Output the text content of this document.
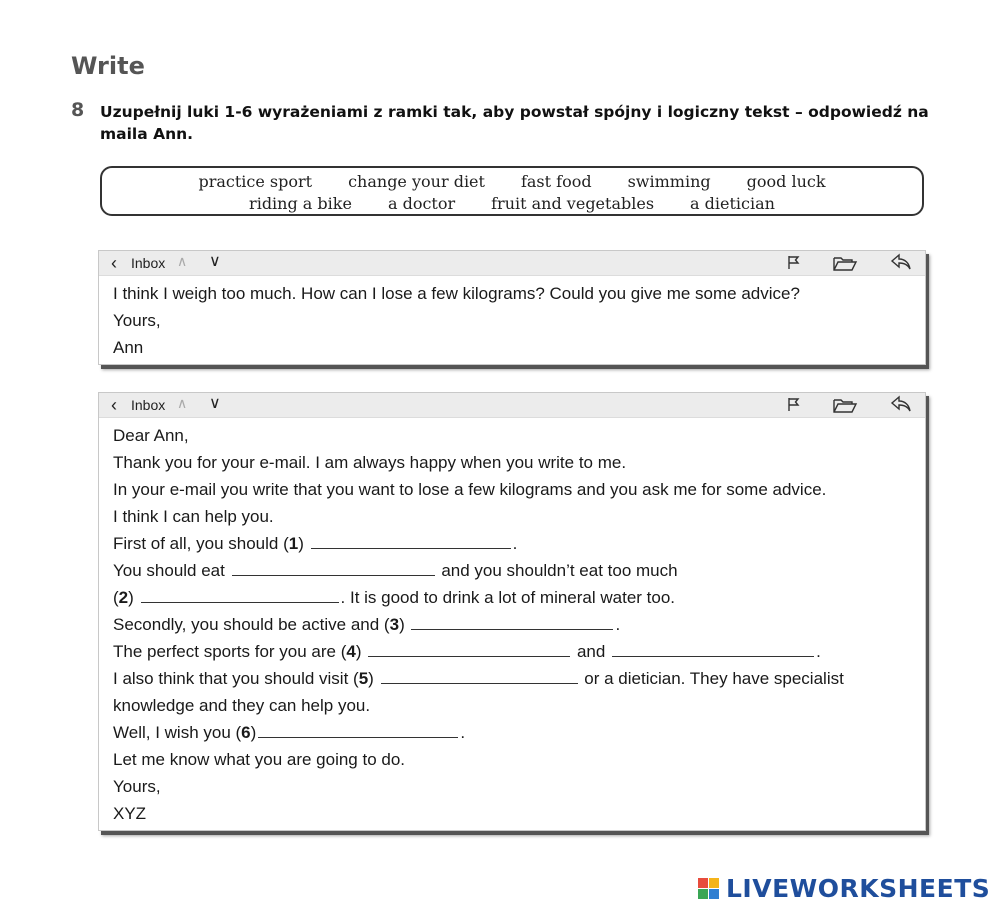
Write
8 Uzupełnij luki 1-6 wyrażeniami z ramki tak, aby powstał spójny i logiczny tekst – odpowiedź na maila Ann.
practice sport change your diet fast food swimming good luck
riding a bike a doctor fruit and vegetables a dietician
‹ Inbox ∧ ∨
I think I weigh too much. How can I lose a few kilograms? Could you give me some advice?
Yours,
Ann
‹ Inbox ∧ ∨
Dear Ann,
Thank you for your e-mail. I am always happy when you write to me.
In your e-mail you write that you want to lose a few kilograms and you ask me for some advice.
I think I can help you.
First of all, you should (1)	.
You should eat	and you shouldn’t eat too much
(2)	. It is good to drink a lot of mineral water too.
Secondly, you should be active and (3)	.
The perfect sports for you are (4)	and	.
I also think that you should visit (5)	or a dietician. They have specialist
knowledge and they can help you.
Well, I wish you (6)	.
Let me know what you are going to do.
Yours,
XYZ
LIVEWORKSHEETS
